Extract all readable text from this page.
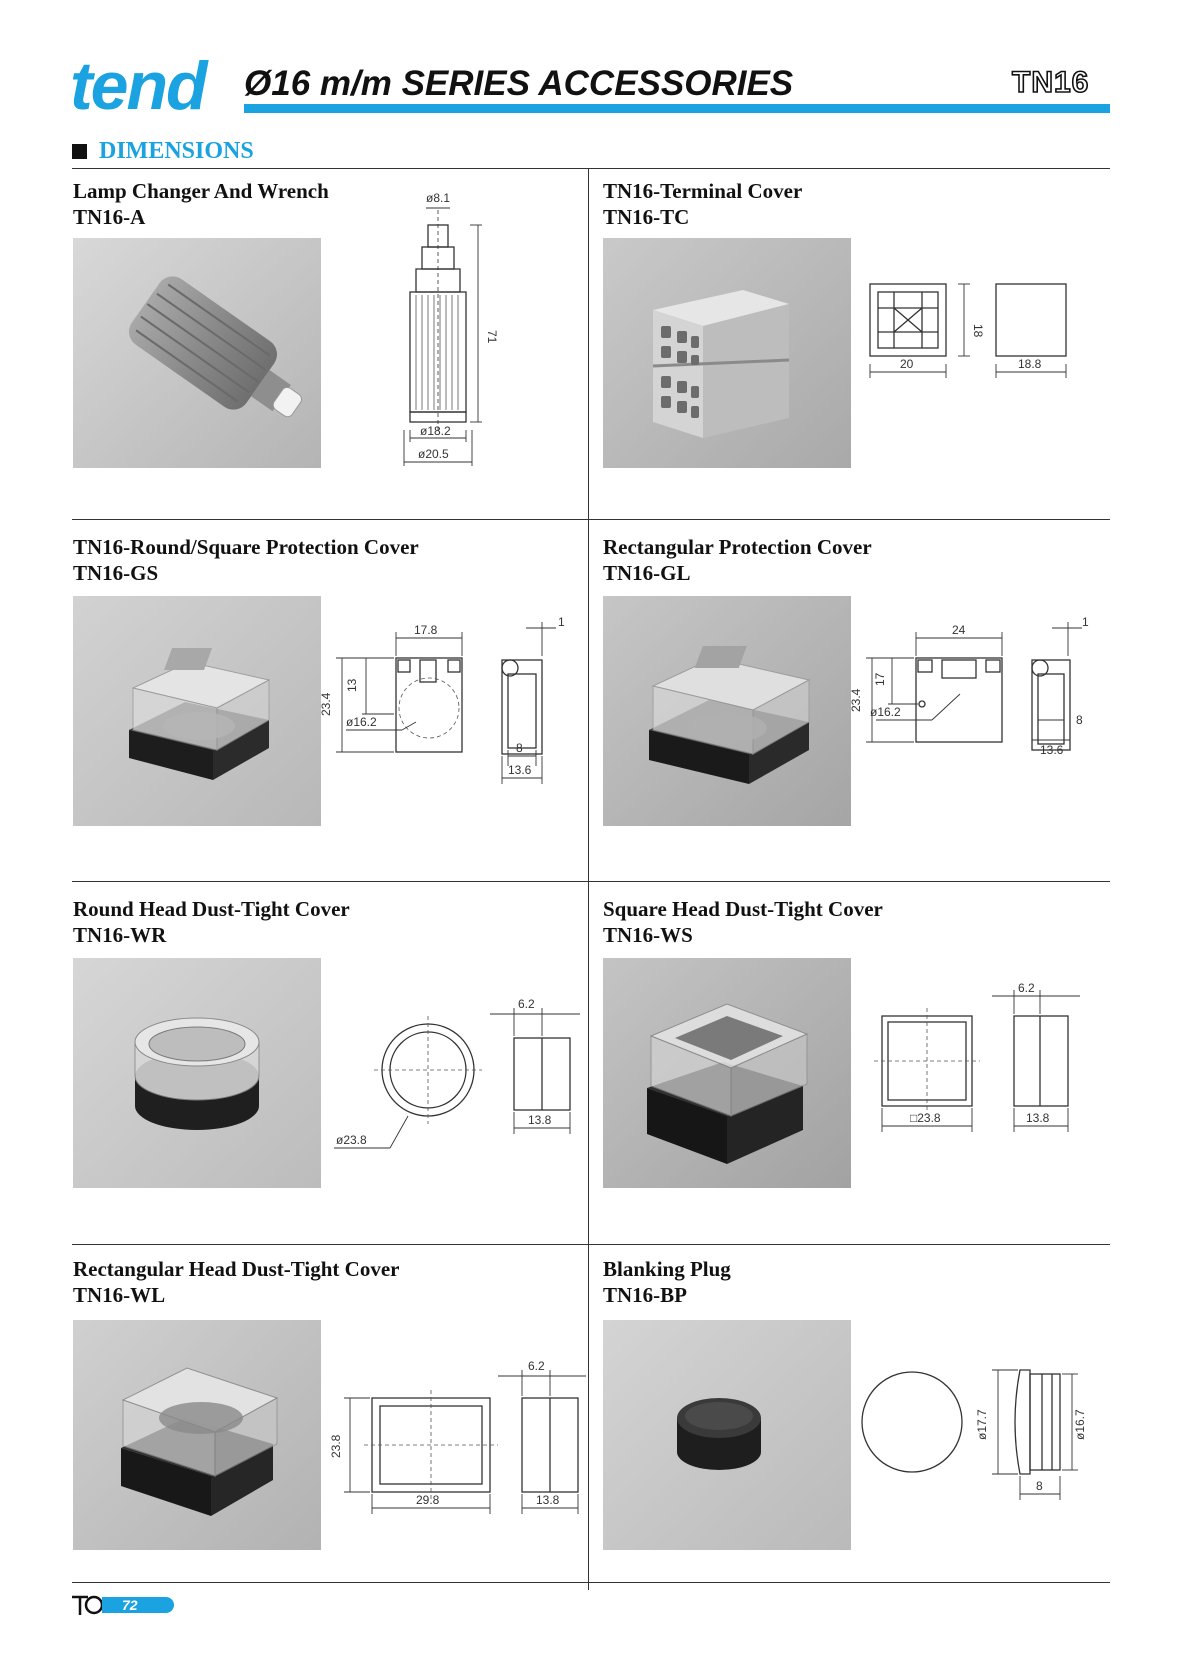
tend Ø16 m/m SERIES ACCESSORIES	TN16
DIMENSIONS
Lamp Changer And Wrench
TN16-A
ø8.1
71
ø18.2
ø20.5
TN16-Terminal Cover
TN16-TC
20
18
18.8
TN16-Round/Square Protection Cover
TN16-GS
17.8
23.4
13
ø16.2
1
8
13.6
Rectangular Protection Cover
TN16-GL
24
23.4
17
ø16.2
1
8
13.6
Round Head Dust-Tight Cover
TN16-WR
ø23.8
6.2
13.8
Square Head Dust-Tight Cover
TN16-WS
□23.8
6.2
13.8
Rectangular Head Dust-Tight Cover
TN16-WL
23.8
29.8
6.2
13.8
Blanking Plug
TN16-BP
ø17.7	ø16.7
8
72
